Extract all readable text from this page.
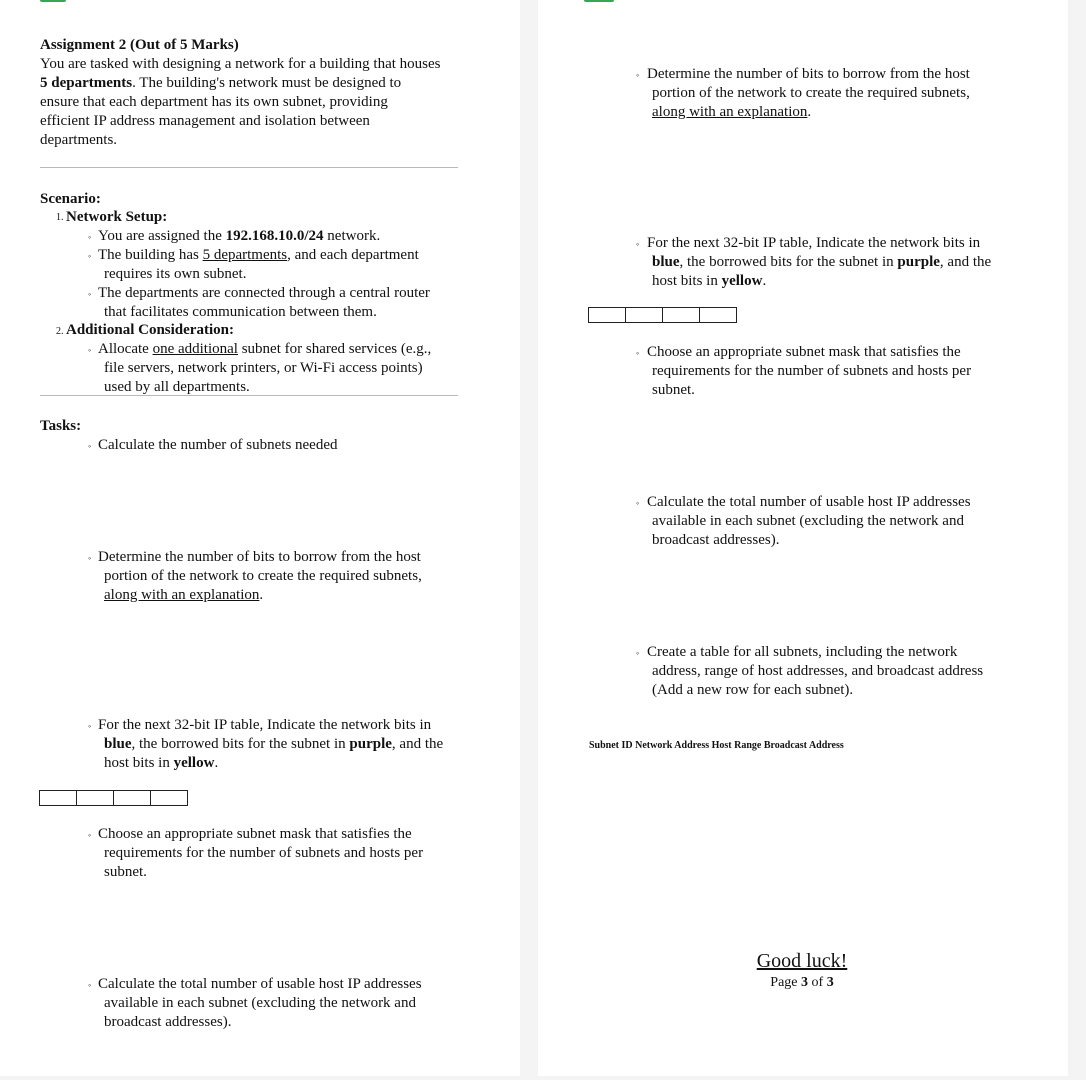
Assignment 2 (Out of 5 Marks)

You are tasked with designing a network for a building that houses

5 departments. The building's network must be designed to

ensure that each department has its own subnet, providing

efficient IP address management and isolation between

departments.

Scenario:

1. Network Setup:

◦ You are assigned the 192.168.10.0/24 network.

◦ The building has 5 departments, and each department

requires its own subnet.

◦ The departments are connected through a central router

that facilitates communication between them.

2. Additional Consideration:

◦ Allocate one additional subnet for shared services (e.g.,

file servers, network printers, or Wi-Fi access points)

used by all departments.

Tasks:

◦ Calculate the number of subnets needed

◦ Determine the number of bits to borrow from the host

portion of the network to create the required subnets,

along with an explanation.

◦ For the next 32-bit IP table, Indicate the network bits in

blue, the borrowed bits for the subnet in purple, and the

host bits in yellow.

◦ Choose an appropriate subnet mask that satisfies the

requirements for the number of subnets and hosts per

subnet.

◦ Calculate the total number of usable host IP addresses

available in each subnet (excluding the network and

broadcast addresses).

◦ Determine the number of bits to borrow from the host

portion of the network to create the required subnets,

along with an explanation.

◦ For the next 32-bit IP table, Indicate the network bits in

blue, the borrowed bits for the subnet in purple, and the

host bits in yellow.

◦ Choose an appropriate subnet mask that satisfies the

requirements for the number of subnets and hosts per

subnet.

◦ Calculate the total number of usable host IP addresses

available in each subnet (excluding the network and

broadcast addresses).

◦ Create a table for all subnets, including the network

address, range of host addresses, and broadcast address

(Add a new row for each subnet).

Subnet ID Network Address Host Range Broadcast Address

Good luck!

Page 3 of 3
